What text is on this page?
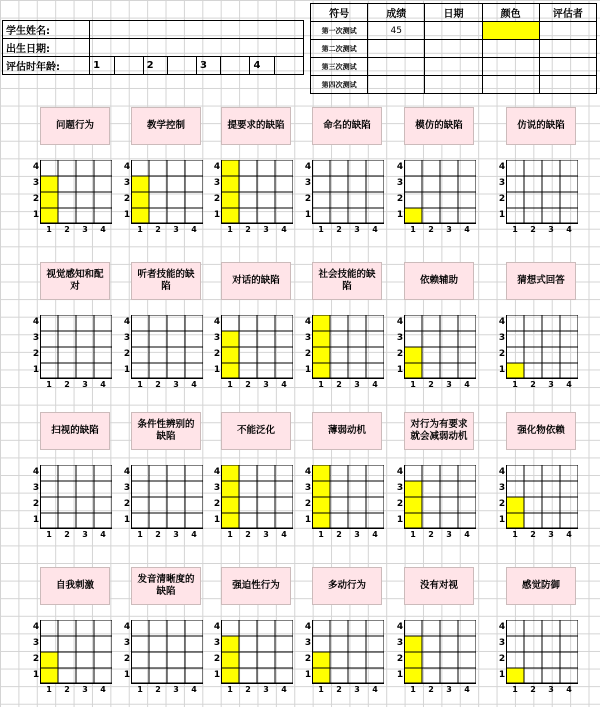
学生姓名:								
出生日期:								
评估时年龄:	1		2		3		4	
符号	成绩	日期	颜色	评估者
第一次测试	45			
第二次测试				
第三次测试				
第四次测试				
问题行为
4
3
2
1
1	2	3	4
教学控制
4
3
2
1
1	2	3	4
提要求的缺陷
4
3
2
1
1	2	3	4
命名的缺陷
4
3
2
1
1	2	3	4
模仿的缺陷
4
3
2
1
1	2	3	4
仿说的缺陷
4
3
2
1
1	2	3	4
视觉感知和配对
4
3
2
1
1	2	3	4
听者技能的缺陷
4
3
2
1
1	2	3	4
对话的缺陷
4
3
2
1
1	2	3	4
社会技能的缺陷
4
3
2
1
1	2	3	4
依赖辅助
4
3
2
1
1	2	3	4
猜想式回答
4
3
2
1
1	2	3	4
扫视的缺陷
4
3
2
1
1	2	3	4
条件性辨别的缺陷
4
3
2
1
1	2	3	4
不能泛化
4
3
2
1
1	2	3	4
薄弱动机
4
3
2
1
1	2	3	4
对行为有要求就会减弱动机
4
3
2
1
1	2	3	4
强化物依赖
4
3
2
1
1	2	3	4
自我刺激
4
3
2
1
1	2	3	4
发音清晰度的缺陷
4
3
2
1
1	2	3	4
强迫性行为
4
3
2
1
1	2	3	4
多动行为
4
3
2
1
1	2	3	4
没有对视
4
3
2
1
1	2	3	4
感觉防御
4
3
2
1
1	2	3	4
